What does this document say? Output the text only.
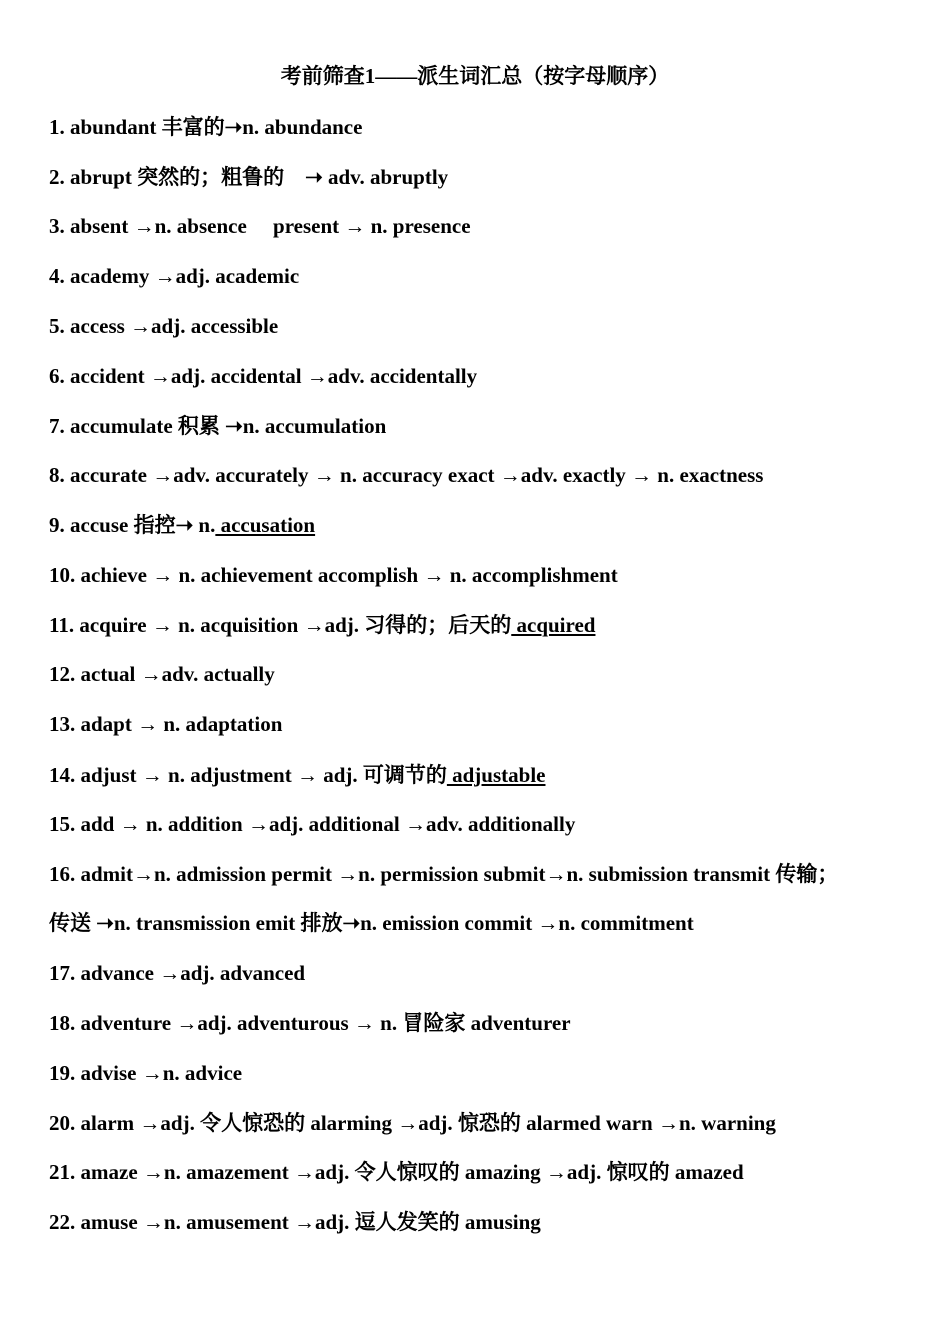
考前筛查1——派生词汇总（按字母顺序）
1. abundant 丰富的➝n. abundance
2. abrupt 突然的；粗鲁的　➝ adv. abruptly
3. absent →n. absence　 present → n. presence
4. academy →adj. academic
5. access →adj. accessible
6. accident →adj. accidental →adv. accidentally
7. accumulate 积累 ➝n. accumulation
8. accurate →adv. accurately → n. accuracy exact →adv. exactly → n. exactness
9. accuse 指控➝ n. accusation
10. achieve → n. achievement accomplish → n. accomplishment
11. acquire → n. acquisition →adj. 习得的；后天的 acquired
12. actual →adv. actually
13. adapt → n. adaptation
14. adjust → n. adjustment → adj. 可调节的 adjustable
15. add → n. addition →adj. additional →adv. additionally
16. admit→n. admission permit →n. permission submit→n. submission transmit 传输；
传送 ➝n. transmission emit 排放➝n. emission commit →n. commitment
17. advance →adj. advanced
18. adventure →adj. adventurous → n. 冒险家 adventurer
19. advise →n. advice
20. alarm →adj. 令人惊恐的 alarming →adj. 惊恐的 alarmed warn →n. warning
21. amaze →n. amazement →adj. 令人惊叹的 amazing →adj. 惊叹的 amazed
22. amuse →n. amusement →adj. 逗人发笑的 amusing
